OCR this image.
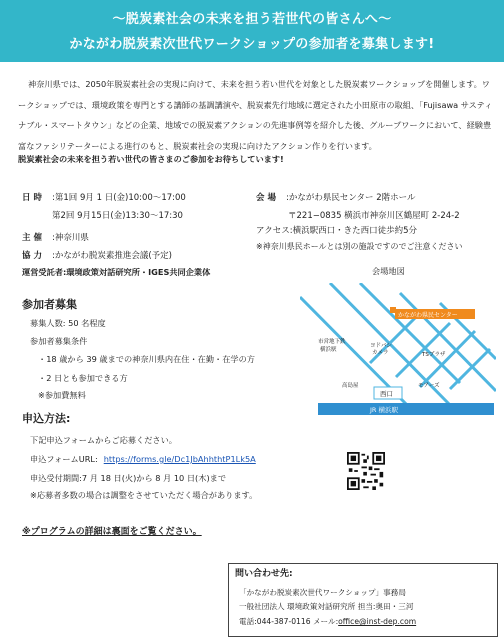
〜脱炭素社会の未来を担う若世代の皆さんへ〜
かながわ脱炭素次世代ワークショップの参加者を募集します!

神奈川県では、2050年脱炭素社会の実現に向けて、未来を担う若い世代を対象とした脱炭素ワークショップを開催します。ワークショップでは、環境政策を専門とする講師の基調講演や、脱炭素先行地域に選定された小田原市の取組、「Fujisawa サスティナブル・スマートタウン」などの企業、地域での脱炭素アクションの先進事例等を紹介した後、グループワークにおいて、経験豊富なファシリテーターによる進行のもと、脱炭素社会の実現に向けたアクション作りを行います。

脱炭素社会の未来を担う若い世代の皆さまのご参加をお待ちしています!
日 時 :第1回 9月 1 日(金)10:00〜17:00
第2回 9月15日(金)13:30〜17:30
主 催 :神奈川県
協 力 :かながわ脱炭素推進会議(予定)
運営受託者:環境政策対話研究所・IGES共同企業体
会 場 :かながわ県民センター 2階ホール
〒221−0835 横浜市神奈川区鶴屋町 2-24-2
アクセス:横浜駅西口・きた西口徒歩約5分
※神奈川県民ホールとは別の施設ですのでご注意ください
会場地図
かながわ県民センター
市営地下鉄
横浜駅
ヨドバシ
カメラ	TSプラザ
高島屋
西口
モアーズ
JR 横浜駅
参加者募集
募集人数: 50 名程度
参加者募集条件
・18 歳から 39 歳までの神奈川県内在住・在勤・在学の方
・2 日とも参加できる方
※参加費無料
申込方法:
下記申込フォームからご応募ください。
申込フォームURL: https://forms.gle/Dc1JbAhhthtP1Lk5A
申込受付期間:7 月 18 日(火)から 8 月 10 日(木)まで
※応募者多数の場合は調整をさせていただく場合があります。
※プログラムの詳細は裏面をご覧ください。
問い合わせ先:
「かながわ脱炭素次世代ワークショップ」事務局
一般社団法人 環境政策対話研究所 担当:奥田・三河
電話:044-387-0116 メール:office@inst-dep.com
